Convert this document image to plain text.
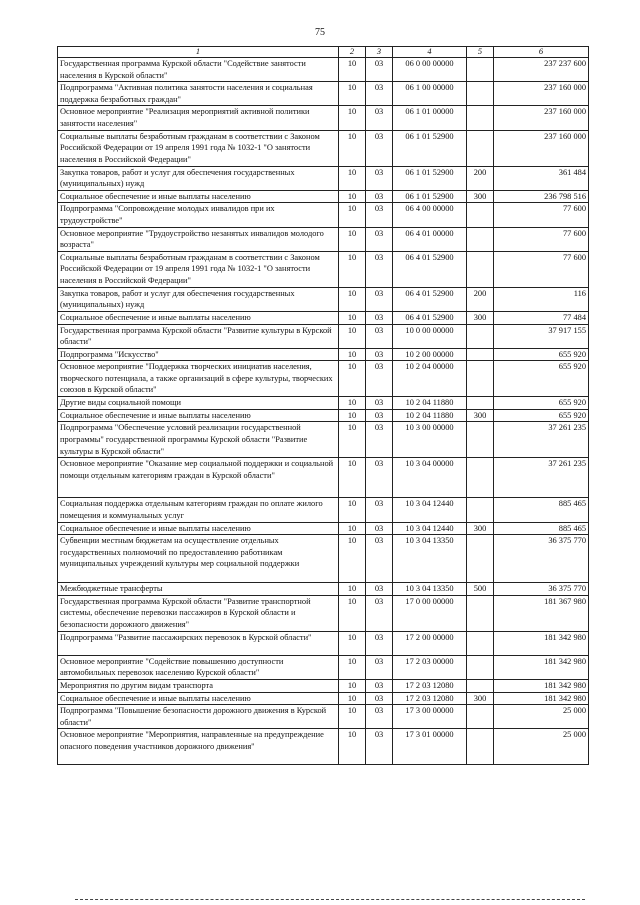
75
1	2	3	4	5	6
Государственная программа Курской области "Содействие занятости населения в Курской области"	10	03	06 0 00 00000		237 237 600
Подпрограмма "Активная политика занятости населения и социальная поддержка безработных граждан"	10	03	06 1 00 00000		237 160 000
Основное мероприятие "Реализация мероприятий активной политики занятости населения"	10	03	06 1 01 00000		237 160 000
Социальные выплаты безработным гражданам в соответствии с Законом Российской Федерации от 19 апреля 1991 года № 1032-1 "О занятости населения в Российской Федерации"	10	03	06 1 01 52900		237 160 000
Закупка товаров, работ и услуг для обеспечения государственных (муниципальных) нужд	10	03	06 1 01 52900	200	361 484
Социальное обеспечение и иные выплаты населению	10	03	06 1 01 52900	300	236 798 516
Подпрограмма "Сопровождение молодых инвалидов при их трудоустройстве"	10	03	06 4 00 00000		77 600
Основное мероприятие "Трудоустройство незанятых инвалидов молодого возраста"	10	03	06 4 01 00000		77 600
Социальные выплаты безработным гражданам в соответствии с Законом Российской Федерации от 19 апреля 1991 года № 1032-1 "О занятости населения в Российской Федерации"	10	03	06 4 01 52900		77 600
Закупка товаров, работ и услуг для обеспечения государственных (муниципальных) нужд	10	03	06 4 01 52900	200	116
Социальное обеспечение и иные выплаты населению	10	03	06 4 01 52900	300	77 484
Государственная программа Курской области "Развитие культуры в Курской области"	10	03	10 0 00 00000		37 917 155
Подпрограмма "Искусство"	10	03	10 2 00 00000		655 920
Основное мероприятие "Поддержка творческих инициатив населения, творческого потенциала, а также организаций в сфере культуры, творческих союзов в Курской области"	10	03	10 2 04 00000		655 920
Другие виды социальной помощи	10	03	10 2 04 11880		655 920
Социальное обеспечение и иные выплаты населению	10	03	10 2 04 11880	300	655 920
Подпрограмма "Обеспечение условий реализации государственной программы" государственной программы Курской области "Развитие культуры в Курской области"	10	03	10 3 00 00000		37 261 235
Основное мероприятие "Оказание мер социальной поддержки и социальной помощи отдельным категориям граждан в Курской области"	10	03	10 3 04 00000		37 261 235
Социальная поддержка отдельным категориям граждан по оплате жилого помещения и коммунальных услуг	10	03	10 3 04 12440		885 465
Социальное обеспечение и иные выплаты населению	10	03	10 3 04 12440	300	885 465
Субвенции местным бюджетам на осуществление отдельных государственных полномочий по предоставлению работникам муниципальных учреждений культуры мер социальной поддержки	10	03	10 3 04 13350		36 375 770
Межбюджетные трансферты	10	03	10 3 04 13350	500	36 375 770
Государственная программа Курской области "Развитие транспортной системы, обеспечение перевозки пассажиров в Курской области и безопасности дорожного движения"	10	03	17 0 00 00000		181 367 980
Подпрограмма "Развитие пассажирских перевозок в Курской области"	10	03	17 2 00 00000		181 342 980
Основное мероприятие "Содействие повышению доступности автомобильных перевозок населению Курской области"	10	03	17 2 03 00000		181 342 980
Мероприятия по другим видам транспорта	10	03	17 2 03 12080		181 342 980
Социальное обеспечение и иные выплаты населению	10	03	17 2 03 12080	300	181 342 980
Подпрограмма "Повышение безопасности дорожного движения в Курской области"	10	03	17 3 00 00000		25 000
Основное мероприятие "Мероприятия, направленные на предупреждение опасного поведения участников дорожного движения"	10	03	17 3 01 00000		25 000
